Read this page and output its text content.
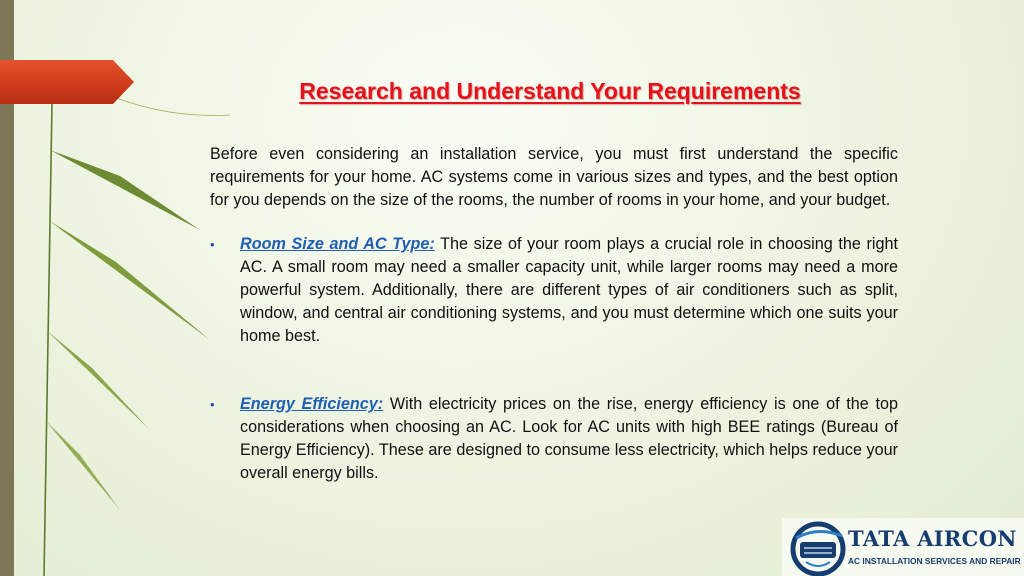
Research and Understand Your Requirements

Before even considering an installation service, you must first understand the specific requirements for your home. AC systems come in various sizes and types, and the best option for you depends on the size of the rooms, the number of rooms in your home, and your budget.

•	Room Size and AC Type: The size of your room plays a crucial role in choosing the right AC. A small room may need a smaller capacity unit, while larger rooms may need a more powerful system. Additionally, there are different types of air conditioners such as split, window, and central air conditioning systems, and you must determine which one suits your home best.
•	Energy Efficiency: With electricity prices on the rise, energy efficiency is one of the top considerations when choosing an AC. Look for AC units with high BEE ratings (Bureau of Energy Efficiency). These are designed to consume less electricity, which helps reduce your overall energy bills.
TATA AIRCON
AC INSTALLATION SERVICES AND REPAIR
